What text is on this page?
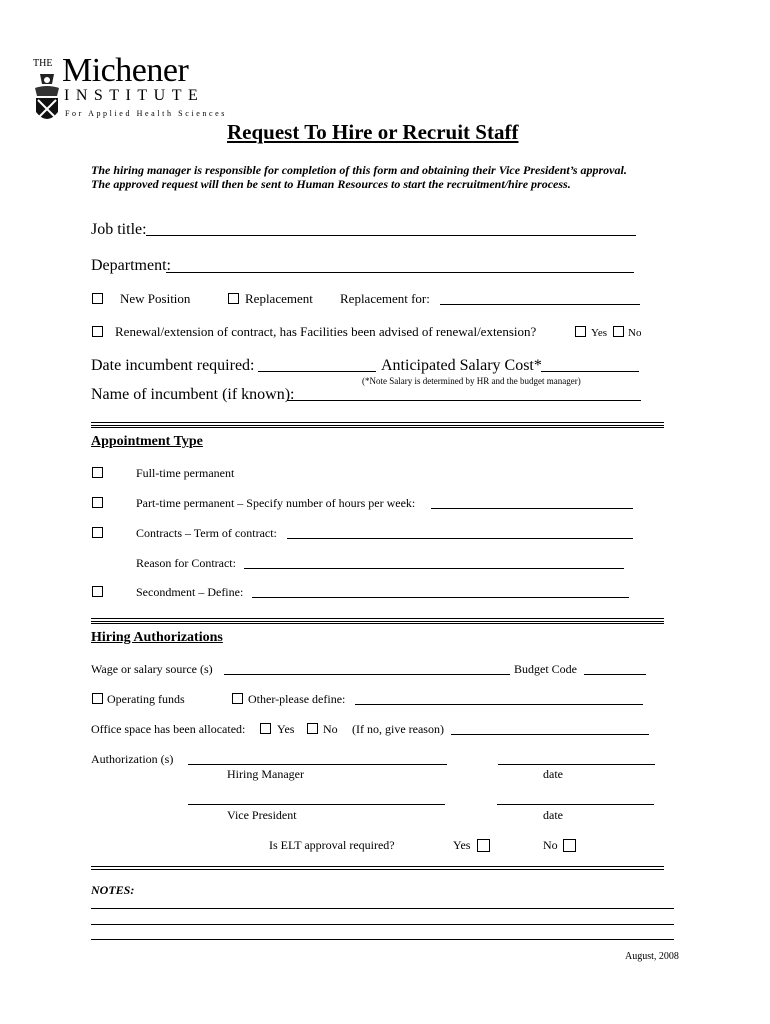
THE Michener
INSTITUTE
For Applied Health Sciences
Request To Hire or Recruit Staff
The hiring manager is responsible for completion of this form and obtaining their Vice President’s approval.
The approved request will then be sent to Human Resources to start the recruitment/hire process.
Job title:
Department:
New Position	Replacement Replacement for:
Renewal/extension of contract, has Facilities been advised of renewal/extension?	Yes No
Date incumbent required:	Anticipated Salary Cost*
(*Note Salary is determined by HR and the budget manager)
Name of incumbent (if known):
Appointment Type
Full-time permanent
Part-time permanent – Specify number of hours per week:
Contracts – Term of contract:
Reason for Contract:
Secondment – Define:
Hiring Authorizations
Wage or salary source (s)	Budget Code
Operating funds	Other-please define:
Office space has been allocated:	Yes No (If no, give reason)
Authorization (s)
Hiring Manager	date
Vice President	date
Is ELT approval required?	Yes	No
NOTES:
August, 2008
